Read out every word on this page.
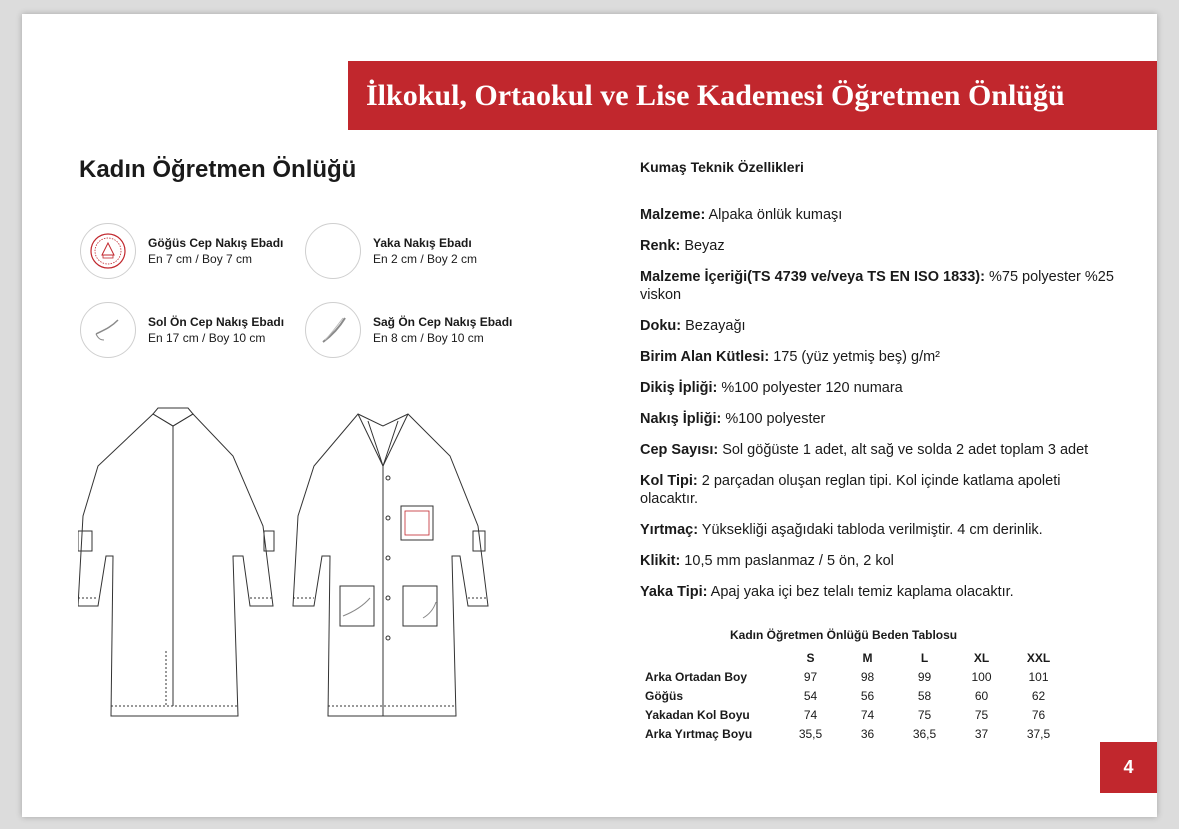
İlkokul, Ortaokul ve Lise Kademesi Öğretmen Önlüğü
Kadın Öğretmen Önlüğü
Göğüs Cep Nakış Ebadı
En 7 cm / Boy 7 cm
Yaka Nakış Ebadı
En 2 cm / Boy 2 cm
Sol Ön Cep Nakış Ebadı
En 17 cm / Boy 10 cm
Sağ Ön Cep Nakış Ebadı
En 8 cm / Boy 10 cm
Kumaş Teknik Özellikleri
Malzeme: Alpaka önlük kumaşı
Renk: Beyaz
Malzeme İçeriği(TS 4739 ve/veya TS EN ISO 1833): %75 polyester %25 viskon
Doku: Bezayağı
Birim Alan Kütlesi: 175 (yüz yetmiş beş) g/m²
Dikiş İpliği: %100 polyester 120 numara
Nakış İpliği: %100 polyester
Cep Sayısı: Sol göğüste 1 adet, alt sağ ve solda 2 adet toplam 3 adet
Kol Tipi: 2 parçadan oluşan reglan tipi. Kol içinde katlama apoleti olacaktır.
Yırtmaç: Yüksekliği aşağıdaki tabloda verilmiştir. 4 cm derinlik.
Klikit: 10,5 mm paslanmaz / 5 ön, 2 kol
Yaka Tipi: Apaj yaka içi bez telalı temiz kaplama olacaktır.
Kadın Öğretmen Önlüğü Beden Tablosu
	S	M	L	XL	XXL
Arka Ortadan Boy	97	98	99	100	101
Göğüs	54	56	58	60	62
Yakadan Kol Boyu	74	74	75	75	76
Arka Yırtmaç Boyu	35,5	36	36,5	37	37,5
4
